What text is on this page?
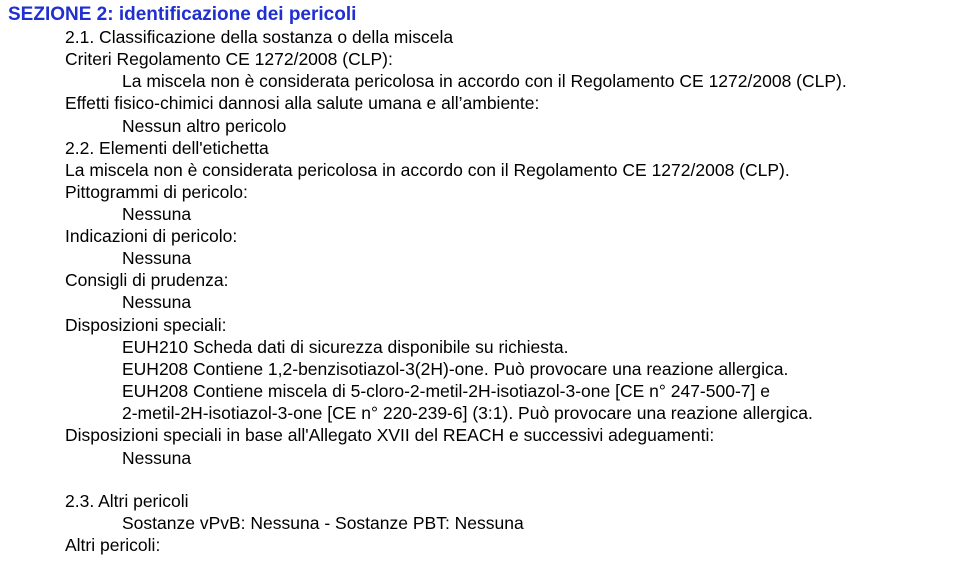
SEZIONE 2: identificazione dei pericoli
2.1. Classificazione della sostanza o della miscela
Criteri Regolamento CE 1272/2008 (CLP):
La miscela non è considerata pericolosa in accordo con il Regolamento CE 1272/2008 (CLP).
Effetti fisico-chimici dannosi alla salute umana e all’ambiente:
Nessun altro pericolo
2.2. Elementi dell'etichetta
La miscela non è considerata pericolosa in accordo con il Regolamento CE 1272/2008 (CLP).
Pittogrammi di pericolo:
Nessuna
Indicazioni di pericolo:
Nessuna
Consigli di prudenza:
Nessuna
Disposizioni speciali:
EUH210 Scheda dati di sicurezza disponibile su richiesta.
EUH208 Contiene 1,2-benzisotiazol-3(2H)-one. Può provocare una reazione allergica.
EUH208 Contiene miscela di 5-cloro-2-metil-2H-isotiazol-3-one [CE n° 247-500-7] e
2-metil-2H-isotiazol-3-one [CE n° 220-239-6] (3:1). Può provocare una reazione allergica.
Disposizioni speciali in base all'Allegato XVII del REACH e successivi adeguamenti:
Nessuna
2.3. Altri pericoli
Sostanze vPvB: Nessuna - Sostanze PBT: Nessuna
Altri pericoli:
